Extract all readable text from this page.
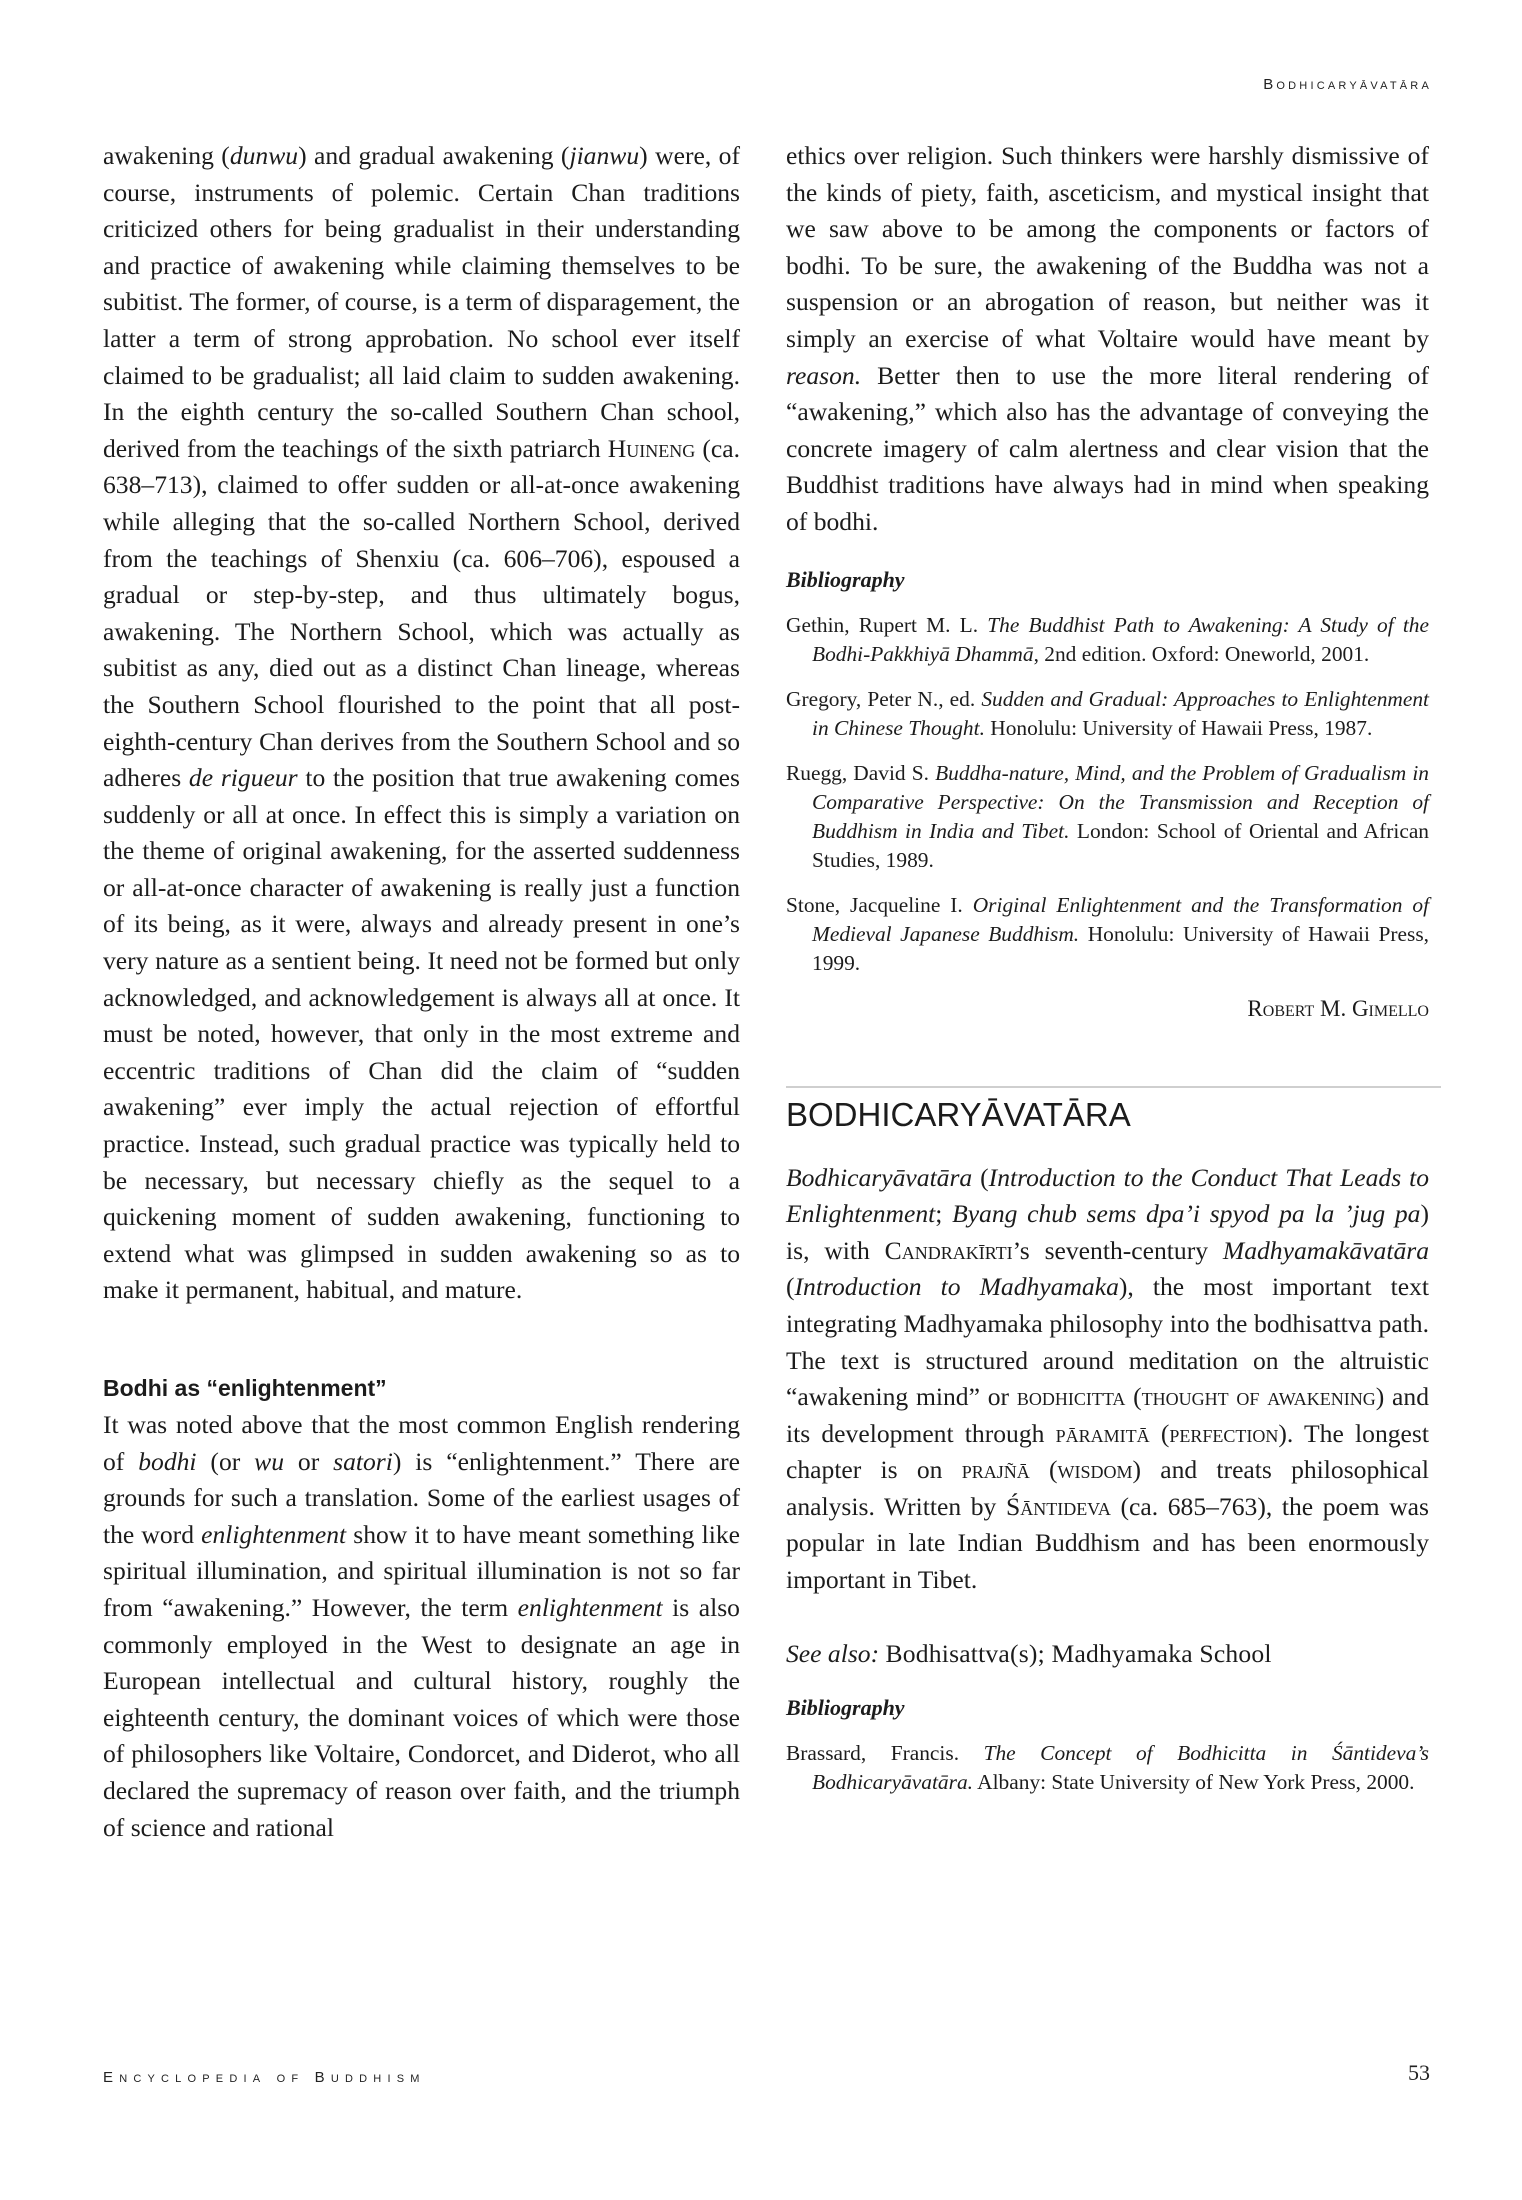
Bodhicaryāvatāra

awakening (dunwu) and gradual awakening (jianwu) were, of course, instruments of polemic. Certain Chan traditions criticized others for being gradualist in their understanding and practice of awakening while claiming themselves to be subitist. The former, of course, is a term of disparagement, the latter a term of strong approbation. No school ever itself claimed to be gradualist; all laid claim to sudden awakening. In the eighth century the so-called Southern Chan school, derived from the teachings of the sixth patriarch Huineng (ca. 638–713), claimed to offer sudden or all-at-once awakening while alleging that the so-called Northern School, derived from the teachings of Shenxiu (ca. 606–706), espoused a gradual or step-by-step, and thus ultimately bogus, awakening. The Northern School, which was actually as subitist as any, died out as a distinct Chan lineage, whereas the Southern School flourished to the point that all post-eighth-century Chan derives from the Southern School and so adheres de rigueur to the position that true awakening comes suddenly or all at once. In effect this is simply a variation on the theme of original awakening, for the asserted suddenness or all-at-once character of awakening is really just a function of its being, as it were, always and already present in one’s very nature as a sentient being. It need not be formed but only acknowledged, and acknowledgement is always all at once. It must be noted, however, that only in the most extreme and eccentric traditions of Chan did the claim of “sudden awakening” ever imply the actual rejection of effortful practice. Instead, such gradual practice was typically held to be necessary, but necessary chiefly as the sequel to a quickening moment of sudden awakening, functioning to extend what was glimpsed in sudden awakening so as to make it permanent, habitual, and mature.

Bodhi as “enlightenment”

It was noted above that the most common English rendering of bodhi (or wu or satori) is “enlightenment.” There are grounds for such a translation. Some of the earliest usages of the word enlightenment show it to have meant something like spiritual illumination, and spiritual illumination is not so far from “awakening.” However, the term enlightenment is also commonly employed in the West to designate an age in European intellectual and cultural history, roughly the eighteenth century, the dominant voices of which were those of philosophers like Voltaire, Condorcet, and Diderot, who all declared the supremacy of reason over faith, and the triumph of science and rational

ethics over religion. Such thinkers were harshly dismissive of the kinds of piety, faith, asceticism, and mystical insight that we saw above to be among the components or factors of bodhi. To be sure, the awakening of the Buddha was not a suspension or an abrogation of reason, but neither was it simply an exercise of what Voltaire would have meant by reason. Better then to use the more literal rendering of “awakening,” which also has the advantage of conveying the concrete imagery of calm alertness and clear vision that the Buddhist traditions have always had in mind when speaking of bodhi.

Bibliography

Gethin, Rupert M. L. The Buddhist Path to Awakening: A Study of the Bodhi-Pakkhiyā Dhammā, 2nd edition. Oxford: Oneworld, 2001.

Gregory, Peter N., ed. Sudden and Gradual: Approaches to Enlightenment in Chinese Thought. Honolulu: University of Hawaii Press, 1987.

Ruegg, David S. Buddha-nature, Mind, and the Problem of Gradualism in Comparative Perspective: On the Transmission and Reception of Buddhism in India and Tibet. London: School of Oriental and African Studies, 1989.

Stone, Jacqueline I. Original Enlightenment and the Transformation of Medieval Japanese Buddhism. Honolulu: University of Hawaii Press, 1999.

Robert M. Gimello
BODHICARYĀVATĀRA

Bodhicaryāvatāra (Introduction to the Conduct That Leads to Enlightenment; Byang chub sems dpa’i spyod pa la ’jug pa) is, with Candrakīrti’s seventh-century Madhyamakāvatāra (Introduction to Madhyamaka), the most important text integrating Madhyamaka philosophy into the bodhisattva path. The text is structured around meditation on the altruistic “awakening mind” or bodhicitta (thought of awakening) and its development through pāramitā (perfection). The longest chapter is on prajñā (wisdom) and treats philosophical analysis. Written by Śāntideva (ca. 685–763), the poem was popular in late Indian Buddhism and has been enormously important in Tibet.

See also: Bodhisattva(s); Madhyamaka School

Bibliography

Brassard, Francis. The Concept of Bodhicitta in Śāntideva’s Bodhicaryāvatāra. Albany: State University of New York Press, 2000.

Encyclopedia of Buddhism	53
